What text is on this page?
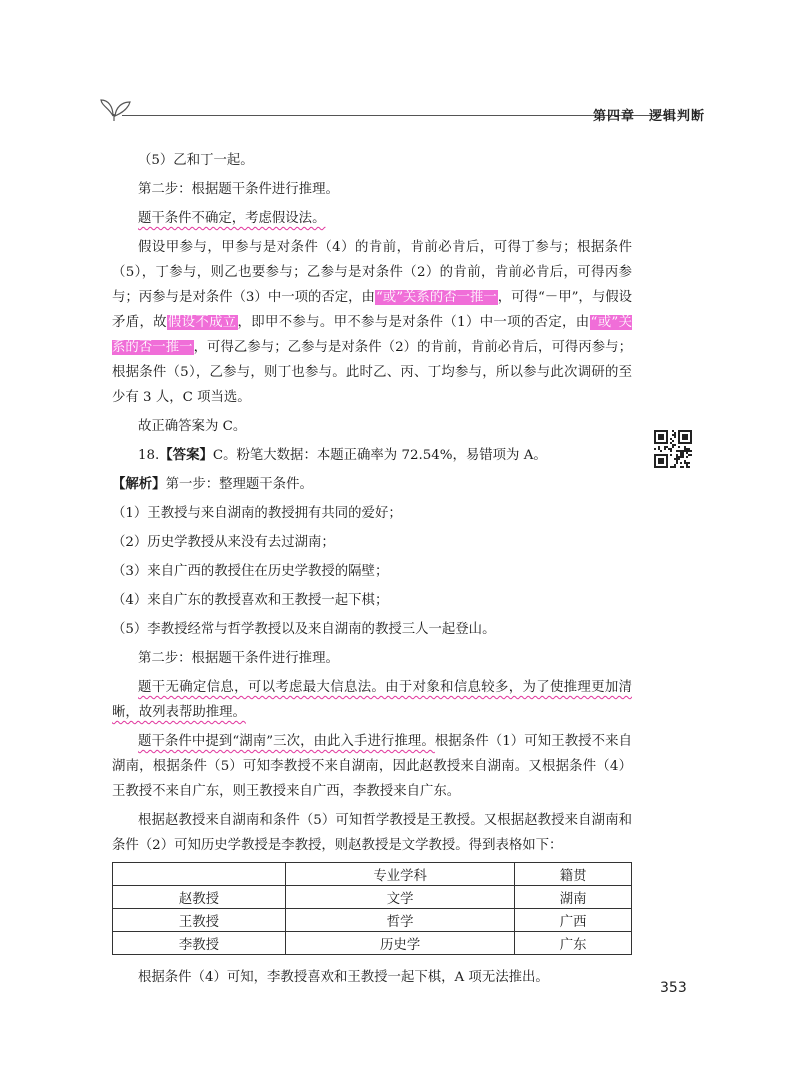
第四章 逻辑判断

（5）乙和丁一起。

第二步：根据题干条件进行推理。

题干条件不确定，考虑假设法。

假设甲参与，甲参与是对条件（4）的肯前，肯前必肯后，可得丁参与；根据条件（5），丁参与，则乙也要参与；乙参与是对条件（2）的肯前，肯前必肯后，可得丙参与；丙参与是对条件（3）中一项的否定，由“或”关系的否一推一，可得“－甲”，与假设矛盾，故假设不成立，即甲不参与。甲不参与是对条件（1）中一项的否定，由“或”关系的否一推一，可得乙参与；乙参与是对条件（2）的肯前，肯前必肯后，可得丙参与；根据条件（5），乙参与，则丁也参与。此时乙、丙、丁均参与，所以参与此次调研的至少有 3 人，C 项当选。

故正确答案为 C。

18.【答案】C。粉笔大数据：本题正确率为 72.54%，易错项为 A。

【解析】第一步：整理题干条件。

（1）王教授与来自湖南的教授拥有共同的爱好；

（2）历史学教授从来没有去过湖南；

（3）来自广西的教授住在历史学教授的隔壁；

（4）来自广东的教授喜欢和王教授一起下棋；

（5）李教授经常与哲学教授以及来自湖南的教授三人一起登山。

第二步：根据题干条件进行推理。

题干无确定信息，可以考虑最大信息法。由于对象和信息较多，为了使推理更加清晰，故列表帮助推理。

题干条件中提到“湖南”三次，由此入手进行推理。根据条件（1）可知王教授不来自湖南，根据条件（5）可知李教授不来自湖南，因此赵教授来自湖南。又根据条件（4）王教授不来自广东，则王教授来自广西，李教授来自广东。

根据赵教授来自湖南和条件（5）可知哲学教授是王教授。又根据赵教授来自湖南和条件（2）可知历史学教授是李教授，则赵教授是文学教授。得到表格如下：

	专业学科	籍贯
赵教授	文学	湖南
王教授	哲学	广西
李教授	历史学	广东

根据条件（4）可知，李教授喜欢和王教授一起下棋，A 项无法推出。

353
